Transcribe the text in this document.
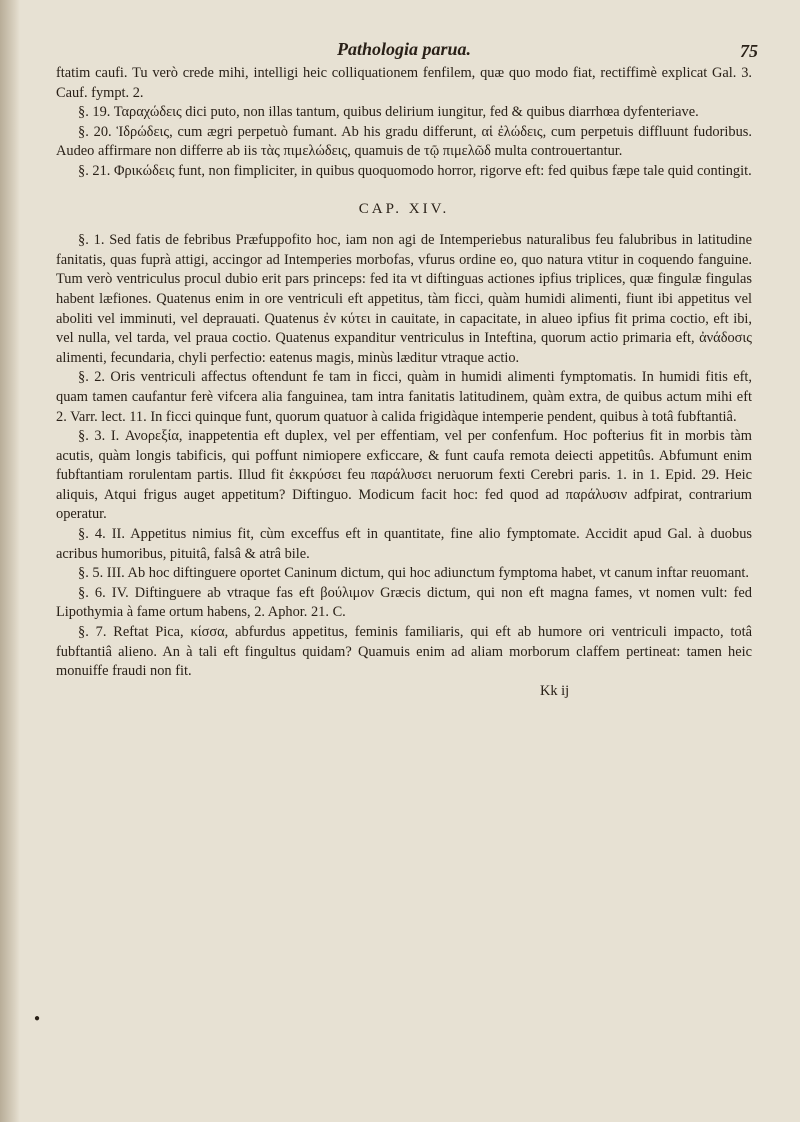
Pathologia parua.	75

ftatim caufi. Tu verò crede mihi, intelligi heic colliquationem fenfilem, quæ quo modo fiat, rectiffimè explicat Gal. 3. Cauf. fympt. 2.

§. 19. Ταραχώδεις dici puto, non illas tantum, quibus delirium iungitur, fed & quibus diarrhœa dyfenteriave.

§. 20. Ἱδρώδεις, cum ægri perpetuò fumant. Ab his gradu differunt, αἱ ἐλώδεις, cum perpetuis diffluunt fudoribus. Audeo affirmare non differre ab iis τὰς πιμελώδεις, quamuis de τῷ πιμελῶδ multa controuertantur.

§. 21. Φρικώδεις funt, non fimpliciter, in quibus quoquomodo horror, rigorve eft: fed quibus fæpe tale quid contingit.

CAP. XIV.

§. 1. Sed fatis de febribus Præfuppofito hoc, iam non agi de Intemperiebus naturalibus feu falubribus in latitudine fanitatis, quas fuprà attigi, accingor ad Intemperies morbofas, vfurus ordine eo, quo natura vtitur in coquendo fanguine. Tum verò ventriculus procul dubio erit pars princeps: fed ita vt diftinguas actiones ipfius triplices, quæ fingulæ fingulas habent læfiones. Quatenus enim in ore ventriculi eft appetitus, tàm ficci, quàm humidi alimenti, fiunt ibi appetitus vel aboliti vel imminuti, vel deprauati. Quatenus ἐν κύτει in cauitate, in capacitate, in alueo ipfius fit prima coctio, eft ibi, vel nulla, vel tarda, vel praua coctio. Quatenus expanditur ventriculus in Inteftina, quorum actio primaria eft, ἀνάδοσις alimenti, fecundaria, chyli perfectio: eatenus magis, minùs læditur vtraque actio.

§. 2. Oris ventriculi affectus oftendunt fe tam in ficci, quàm in humidi alimenti fymptomatis. In humidi fitis eft, quam tamen caufantur ferè vifcera alia fanguinea, tam intra fanitatis latitudinem, quàm extra, de quibus actum mihi eft 2. Varr. lect. 11. In ficci quinque funt, quorum quatuor à calida frigidàque intemperie pendent, quibus à totâ fubftantiâ.

§. 3. I. Ανορεξία, inappetentia eft duplex, vel per effentiam, vel per confenfum. Hoc pofterius fit in morbis tàm acutis, quàm longis tabificis, qui poffunt nimiopere exficcare, & funt caufa remota deiecti appetitûs. Abfumunt enim fubftantiam rorulentam partis. Illud fit ἐκκρύσει feu παράλυσει neruorum fexti Cerebri paris. 1. in 1. Epid. 29. Heic aliquis, Atqui frigus auget appetitum? Diftinguo. Modicum facit hoc: fed quod ad παράλυσιν adfpirat, contrarium operatur.

§. 4. II. Appetitus nimius fit, cùm exceffus eft in quantitate, fine alio fymptomate. Accidit apud Gal. à duobus acribus humoribus, pituitâ, falsâ & atrâ bile.

§. 5. III. Ab hoc diftinguere oportet Caninum dictum, qui hoc adiunctum fymptoma habet, vt canum inftar reuomant.

§. 6. IV. Diftinguere ab vtraque fas eft βούλιμον Græcis dictum, qui non eft magna fames, vt nomen vult: fed Lipothymia à fame ortum habens, 2. Aphor. 21. C.

§. 7. Reftat Pica, κίσσα, abfurdus appetitus, feminis familiaris, qui eft ab humore ori ventriculi impacto, totâ fubftantiâ alieno. An à tali eft fingultus quidam? Quamuis enim ad aliam morborum claffem pertineat: tamen heic monuiffe fraudi non fit.

Kk ij
●
